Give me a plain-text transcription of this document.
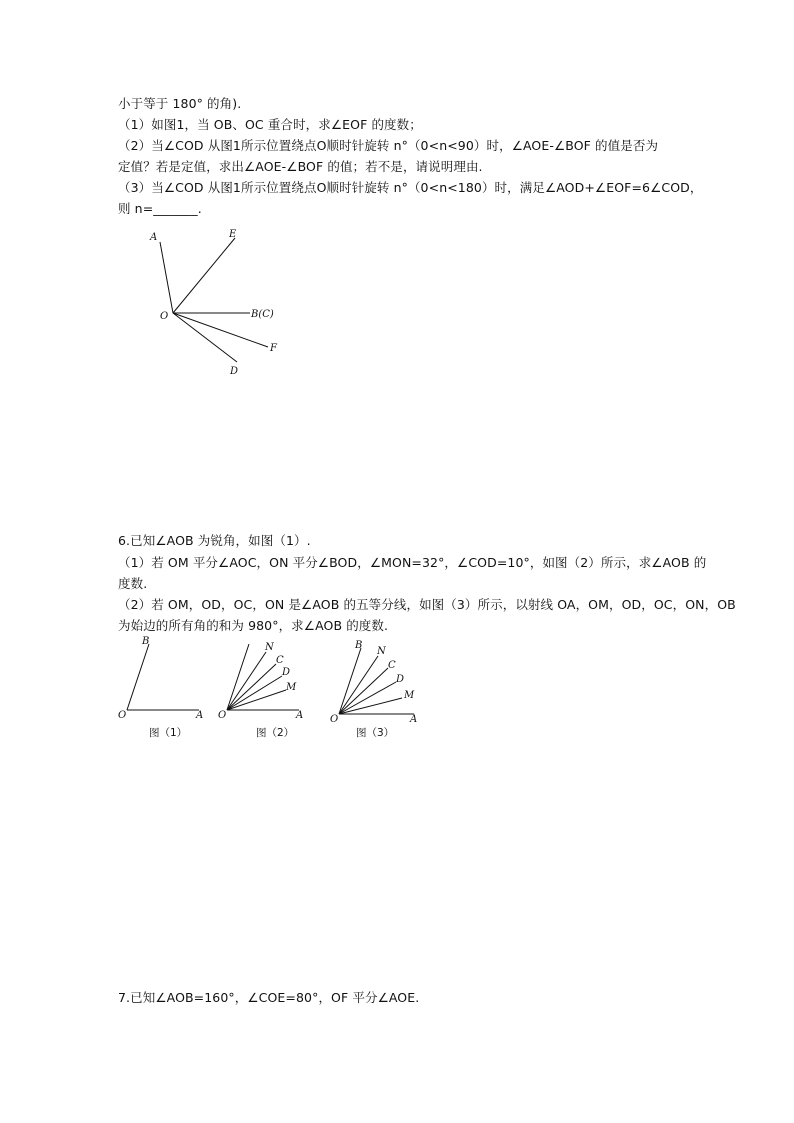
小于等于 180° 的角).
（1）如图1，当 OB、OC 重合时，求∠EOF 的度数；
（2）当∠COD 从图1所示位置绕点O顺时针旋转 n°（0<n<90）时，∠AOE-∠BOF 的值是否为
定值？若是定值，求出∠AOE-∠BOF 的值；若不是，请说明理由.
（3）当∠COD 从图1所示位置绕点O顺时针旋转 n°（0<n<180）时，满足∠AOD+∠EOF=6∠COD，
则 n=_______.
A	E
O	B(C)
F
D
6.已知∠AOB 为锐角，如图（1）.
（1）若 OM 平分∠AOC，ON 平分∠BOD，∠MON=32°，∠COD=10°，如图（2）所示，求∠AOB 的
度数.
（2）若 OM，OD，OC，ON 是∠AOB 的五等分线，如图（3）所示，以射线 OA，OM，OD，OC，ON，OB
为始边的所有角的和为 980°，求∠AOB 的度数.
B
O	A
图（1）
N
C
D
M
O	A
图（2）
B
N
C
D
M
O	A
图（3）
7.已知∠AOB=160°，∠COE=80°，OF 平分∠AOE.
